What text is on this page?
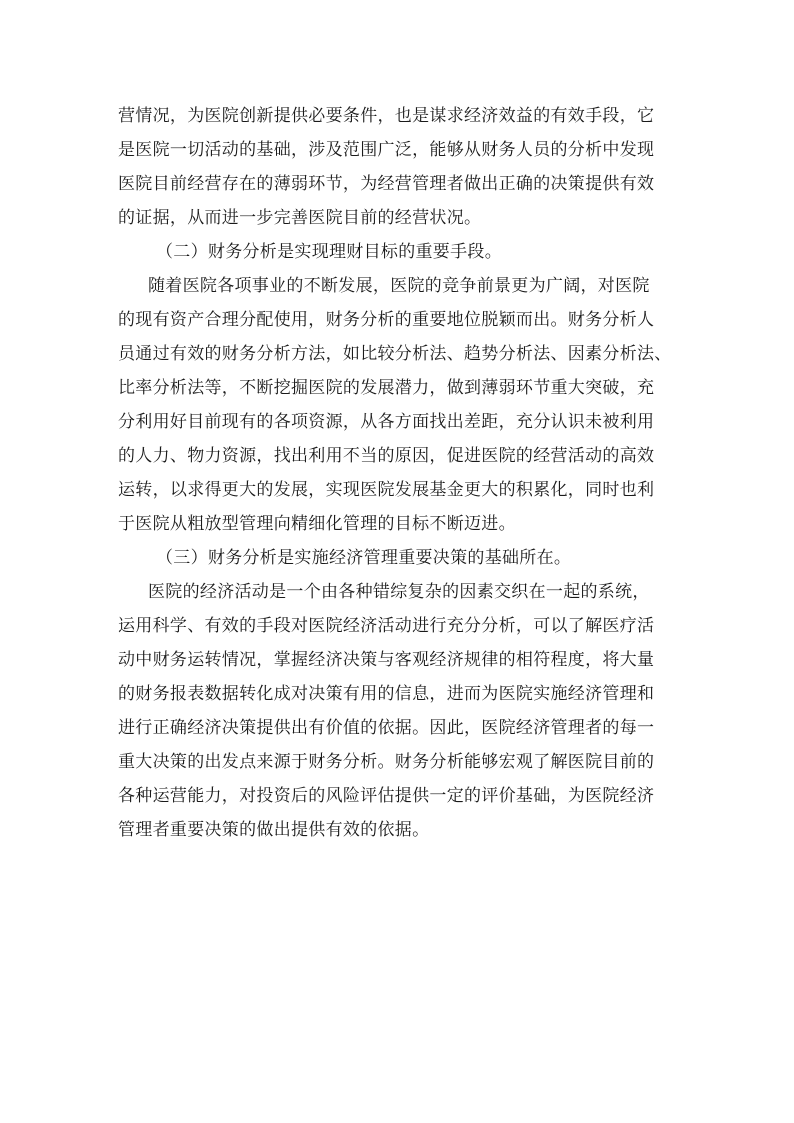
营情况，为医院创新提供必要条件，也是谋求经济效益的有效手段，它
是医院一切活动的基础，涉及范围广泛，能够从财务人员的分析中发现
医院目前经营存在的薄弱环节，为经营管理者做出正确的决策提供有效
的证据，从而进一步完善医院目前的经营状况。
（二）财务分析是实现理财目标的重要手段。
随着医院各项事业的不断发展，医院的竞争前景更为广阔，对医院
的现有资产合理分配使用，财务分析的重要地位脱颖而出。财务分析人
员通过有效的财务分析方法，如比较分析法、趋势分析法、因素分析法、
比率分析法等，不断挖掘医院的发展潜力，做到薄弱环节重大突破，充
分利用好目前现有的各项资源，从各方面找出差距，充分认识未被利用
的人力、物力资源，找出利用不当的原因，促进医院的经营活动的高效
运转，以求得更大的发展，实现医院发展基金更大的积累化，同时也利
于医院从粗放型管理向精细化管理的目标不断迈进。
（三）财务分析是实施经济管理重要决策的基础所在。
医院的经济活动是一个由各种错综复杂的因素交织在一起的系统，
运用科学、有效的手段对医院经济活动进行充分分析，可以了解医疗活
动中财务运转情况，掌握经济决策与客观经济规律的相符程度，将大量
的财务报表数据转化成对决策有用的信息，进而为医院实施经济管理和
进行正确经济决策提供出有价值的依据。因此，医院经济管理者的每一
重大决策的出发点来源于财务分析。财务分析能够宏观了解医院目前的
各种运营能力，对投资后的风险评估提供一定的评价基础，为医院经济
管理者重要决策的做出提供有效的依据。
